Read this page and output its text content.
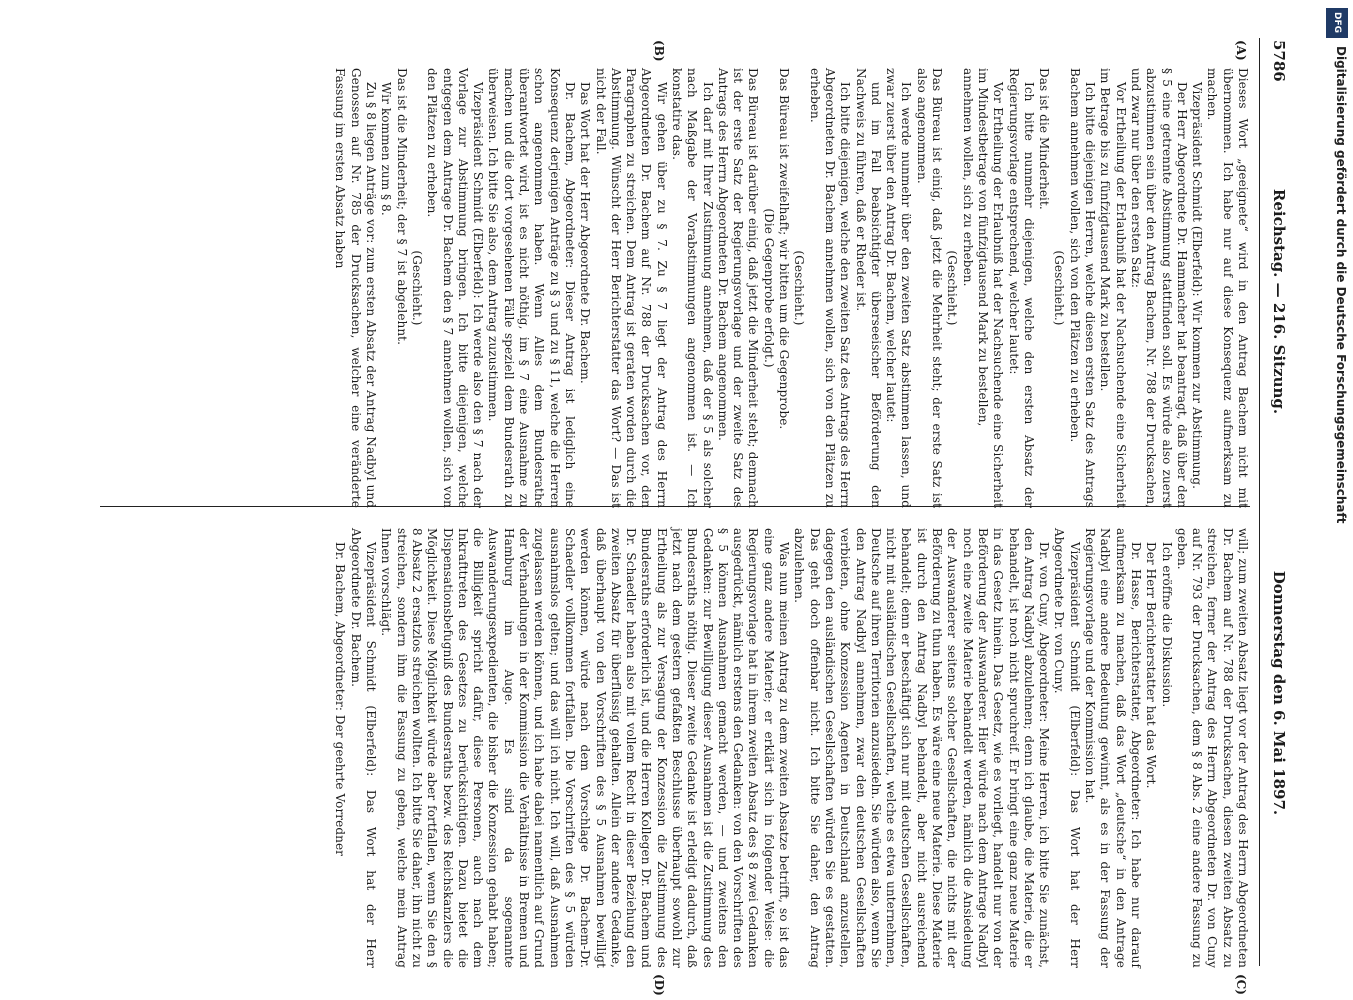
5786
Reichstag. — 216. Sitzung.                              Donnerstag den 6. Mai 1897.
(A)
(B)
(C)
(D)

Dieses Wort „geeignete“ wird in den Antrag Bachem nicht mit übernommen. Ich habe nur auf diese Konsequenz aufmerksam zu machen.

Vizepräsident Schmidt (Elberfeld): Wir kommen zur Abstimmung.

Der Herr Abgeordnete Dr. Hammacher hat beantragt, daß über den § 5 eine getrennte Abstimmung stattfinden soll. Es würde also zuerst abzustimmen sein über den Antrag Bachem, Nr. 788 der Drucksachen, und zwar nur über den ersten Satz:

Vor Ertheilung der Erlaubniß hat der Nachsuchende eine Sicherheit im Betrage bis zu fünfzigtausend Mark zu bestellen.

Ich bitte diejenigen Herren, welche diesen ersten Satz des Antrags Bachem annehmen wollen, sich von den Plätzen zu erheben.

(Geschieht.)

Das ist die Minderheit.

Ich bitte nunmehr diejenigen, welche den ersten Absatz der Regierungsvorlage entsprechend, welcher lautet:

Vor Ertheilung der Erlaubniß hat der Nachsuchende eine Sicherheit im Mindestbetrage von fünfzigtausend Mark zu bestellen,

annehmen wollen, sich zu erheben.

(Geschieht.)

Das Büreau ist einig, daß jetzt die Mehrheit steht; der erste Satz ist also angenommen.

Ich werde nunmehr über den zweiten Satz abstimmen lassen, und zwar zuerst über den Antrag Dr. Bachem, welcher lautet:

und im Fall beabsichtigter überseeischer Beförderung den Nachweis zu führen, daß er Rheder ist.

Ich bitte diejenigen, welche den zweiten Satz des Antrags des Herrn Abgeordneten Dr. Bachem annehmen wollen, sich von den Plätzen zu erheben.

(Geschieht.)

Das Büreau ist zweifelhaft; wir bitten um die Gegenprobe.

(Die Gegenprobe erfolgt.)

Das Büreau ist darüber einig, daß jetzt die Minderheit steht; demnach ist der erste Satz der Regierungsvorlage und der zweite Satz des Antrags des Herrn Abgeordneten Dr. Bachem angenommen.

Ich darf mit Ihrer Zustimmung annehmen, daß der § 5 als solcher nach Maßgabe der Vorabstimmungen angenommen ist. — Ich konstatire das.

Wir gehen über zu § 7. Zu § 7 liegt der Antrag des Herrn Abgeordneten Dr. Bachem auf Nr. 788 der Drucksachen vor, den Paragraphen zu streichen. Dem Antrag ist geraten worden durch die Abstimmung. Wünscht der Herr Berichterstatter das Wort? — Das ist nicht der Fall.

Das Wort hat der Herr Abgeordnete Dr. Bachem.

Dr. Bachem, Abgeordneter: Dieser Antrag ist lediglich eine Konsequenz derjenigen Anträge zu § 3 und zu § 11, welche die Herren schon angenommen haben. Wenn Alles dem Bundesrathe überantwortet wird, ist es nicht nöthig, im § 7 eine Ausnahme zu machen und die dort vorgesehenen Fälle speziell dem Bundesrath zu überweisen. Ich bitte Sie also, dem Antrag zuzustimmen.

Vizepräsident Schmidt (Elberfeld): Ich werde also den § 7 nach der Vorlage zur Abstimmung bringen. Ich bitte diejenigen, welche entgegen dem Antrage Dr. Bachem den § 7 annehmen wollen, sich von den Plätzen zu erheben.

(Geschieht.)

Das ist die Minderheit; der § 7 ist abgelehnt.

Wir kommen zum § 8.

Zu § 8 liegen Anträge vor: zum ersten Absatz der Antrag Nadbyl und Genossen auf Nr. 785 der Drucksachen, welcher eine veränderte Fassung im ersten Absatz haben

will; zum zweiten Absatz liegt vor der Antrag des Herrn Abgeordneten Dr. Bachem auf Nr. 788 der Drucksachen, diesen zweiten Absatz zu streichen, ferner der Antrag des Herrn Abgeordneten Dr. von Cuny auf Nr. 793 der Drucksachen, dem § 8 Abs. 2 eine andere Fassung zu geben.

Ich eröffne die Diskussion.

Der Herr Berichterstatter hat das Wort.

Dr. Hasse, Berichterstatter, Abgeordneter: Ich habe nur darauf aufmerksam zu machen, daß das Wort „deutsche“ in den Antrage Nadbyl eine andere Bedeutung gewinnt, als es in der Fassung der Regierungsvorlage und der Kommission hat.

Vizepräsident Schmidt (Elberfeld): Das Wort hat der Herr Abgeordnete Dr. von Cuny.

Dr. von Cuny, Abgeordneter: Meine Herren, ich bitte Sie zunächst, den Antrag Nadbyl abzulehnen; denn ich glaube, die Materie, die er behandelt, ist noch nicht spruchreif. Er bringt eine ganz neue Materie in das Gesetz hinein. Das Gesetz, wie es vorliegt, handelt nur von der Beförderung der Auswanderer. Hier würde nach dem Antrage Nadbyl noch eine zweite Materie behandelt werden, nämlich die Ansiedelung der Auswanderer seitens solcher Gesellschaften, die nichts mit der Beförderung zu thun haben. Es wäre eine neue Materie. Diese Materie ist durch den Antrag Nadbyl behandelt, aber nicht ausreichend behandelt; denn er beschäftigt sich nur mit deutschen Gesellschaften, nicht mit ausländischen Gesellschaften, welche es etwa unternehmen, Deutsche auf ihren Territorien anzusiedeln. Sie würden also, wenn Sie den Antrag Nadbyl annehmen, zwar den deutschen Gesellschaften verbieten, ohne Konzession Agenten in Deutschland anzustellen, dagegen den ausländischen Gesellschaften würden Sie es gestatten. Das geht doch offenbar nicht. Ich bitte Sie daher, den Antrag abzulehnen.

Was nun meinen Antrag zu dem zweiten Absatze betrifft, so ist das eine ganz andere Materie; er erklärt sich in folgender Weise: die Regierungsvorlage hat in ihrem zweiten Absatz des § 8 zwei Gedanken ausgedrückt, nämlich erstens den Gedanken: von den Vorschriften des § 5 können Ausnahmen gemacht werden, — und zweitens den Gedanken: zur Bewilligung dieser Ausnahmen ist die Zustimmung des Bundesraths nöthig. Dieser zweite Gedanke ist erledigt dadurch, daß jetzt nach dem gestern gefaßten Beschlusse überhaupt sowohl zur Ertheilung als zur Versagung der Konzession die Zustimmung des Bundesraths erforderlich ist, und die Herren Kollegen Dr. Bachem und Dr. Schaedler haben also mit vollem Recht in dieser Beziehung den zweiten Absatz für überflüssig gehalten. Allein der andere Gedanke, daß überhaupt von den Vorschriften des § 5 Ausnahmen bewilligt werden können, würde nach dem Vorschlage Dr. Bachem-Dr. Schaedler vollkommen fortfallen. Die Vorschriften des § 5 würden ausnahmslos gelten; und das will ich nicht. Ich will, daß Ausnahmen zugelassen werden können, und ich habe dabei namentlich auf Grund der Verhandlungen in der Kommission die Verhältnisse in Bremen und Hamburg im Auge. Es sind da sogenannte Auswanderungsexpedienten, die bisher die Konzession gehabt haben; die Billigkeit spricht dafür, diese Personen, auch nach dem Inkrafttreten des Gesetzes zu berücksichtigen. Dazu bietet die Dispensationsbefugniß des Bundesraths bezw. des Reichskanzlers die Möglichkeit. Diese Möglichkeit würde aber fortfallen, wenn Sie den § 8 Absatz 2 ersatzlos streichen wollten. Ich bitte Sie daher, ihn nicht zu streichen, sondern ihm die Fassung zu geben, welche mein Antrag Ihnen vorschlägt.

Vizepräsident Schmidt (Elberfeld): Das Wort hat der Herr Abgeordnete Dr. Bachem.

Dr. Bachem, Abgeordneter: Der geehrte Vorredner

DFG
Digitalisierung gefördert durch die Deutsche Forschungsgemeinschaft
